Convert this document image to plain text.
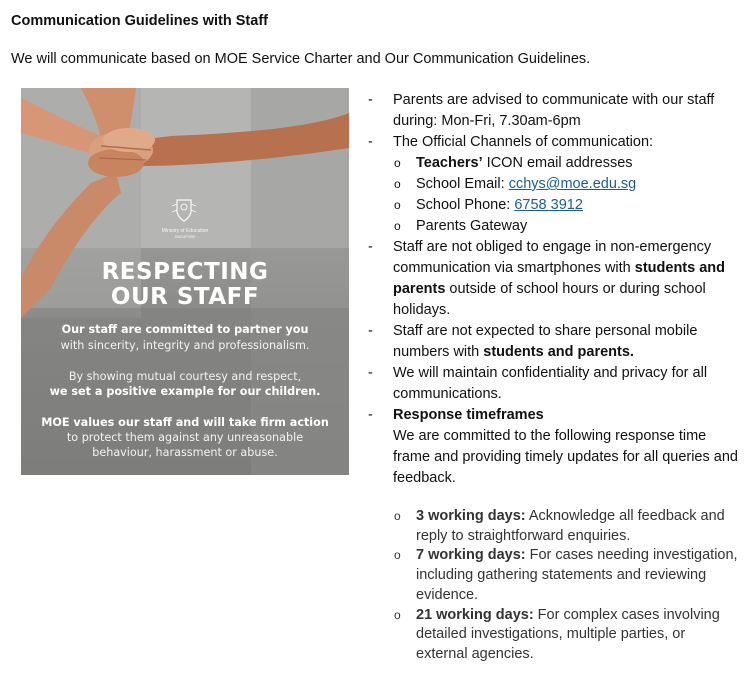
Communication Guidelines with Staff
We will communicate based on MOE Service Charter and Our Communication Guidelines.
Ministry of Education
SINGAPORE
RESPECTING
OUR STAFF
Our staff are committed to partner you
with sincerity, integrity and professionalism.
By showing mutual courtesy and respect,
we set a positive example for our children.
MOE values our staff and will take firm action
to protect them against any unreasonable
behaviour, harassment or abuse.
- Parents are advised to communicate with our staff during: Mon-Fri, 7.30am-6pm
- The Official Channels of communication:
o Teachers’ ICON email addresses
o School Email: cchys@moe.edu.sg
o School Phone: 6758 3912
o Parents Gateway
- Staff are not obliged to engage in non-emergency communication via smartphones with students and parents outside of school hours or during school holidays.
- Staff are not expected to share personal mobile numbers with students and parents.
- We will maintain confidentiality and privacy for all communications.
- Response timeframes
We are committed to the following response time frame and providing timely updates for all queries and feedback.
o 3 working days: Acknowledge all feedback and reply to straightforward enquiries.
o 7 working days: For cases needing investigation, including gathering statements and reviewing evidence.
o 21 working days: For complex cases involving detailed investigations, multiple parties, or external agencies.
